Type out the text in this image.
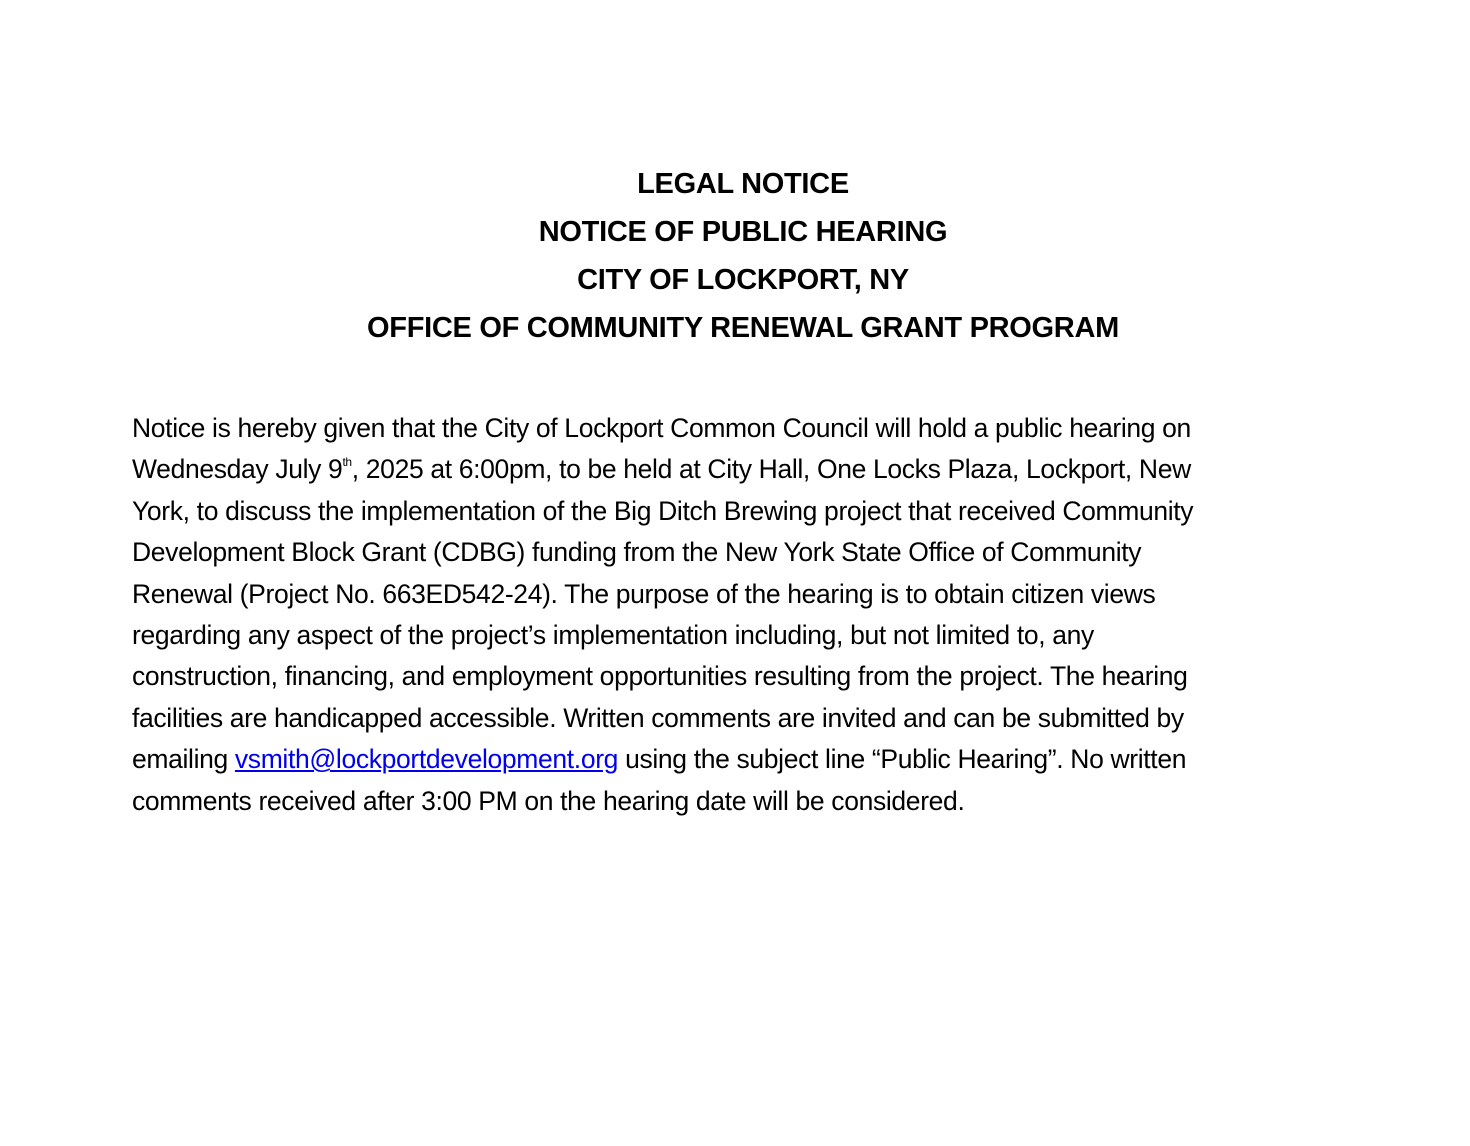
LEGAL NOTICE
NOTICE OF PUBLIC HEARING
CITY OF LOCKPORT, NY
OFFICE OF COMMUNITY RENEWAL GRANT PROGRAM
Notice is hereby given that the City of Lockport Common Council will hold a public hearing on
Wednesday July 9th, 2025 at 6:00pm, to be held at City Hall, One Locks Plaza, Lockport, New
York, to discuss the implementation of the Big Ditch Brewing project that received Community
Development Block Grant (CDBG) funding from the New York State Office of Community
Renewal (Project No. 663ED542-24). The purpose of the hearing is to obtain citizen views
regarding any aspect of the project’s implementation including, but not limited to, any
construction, financing, and employment opportunities resulting from the project. The hearing
facilities are handicapped accessible. Written comments are invited and can be submitted by
emailing vsmith@lockportdevelopment.org using the subject line “Public Hearing”. No written
comments received after 3:00 PM on the hearing date will be considered.
